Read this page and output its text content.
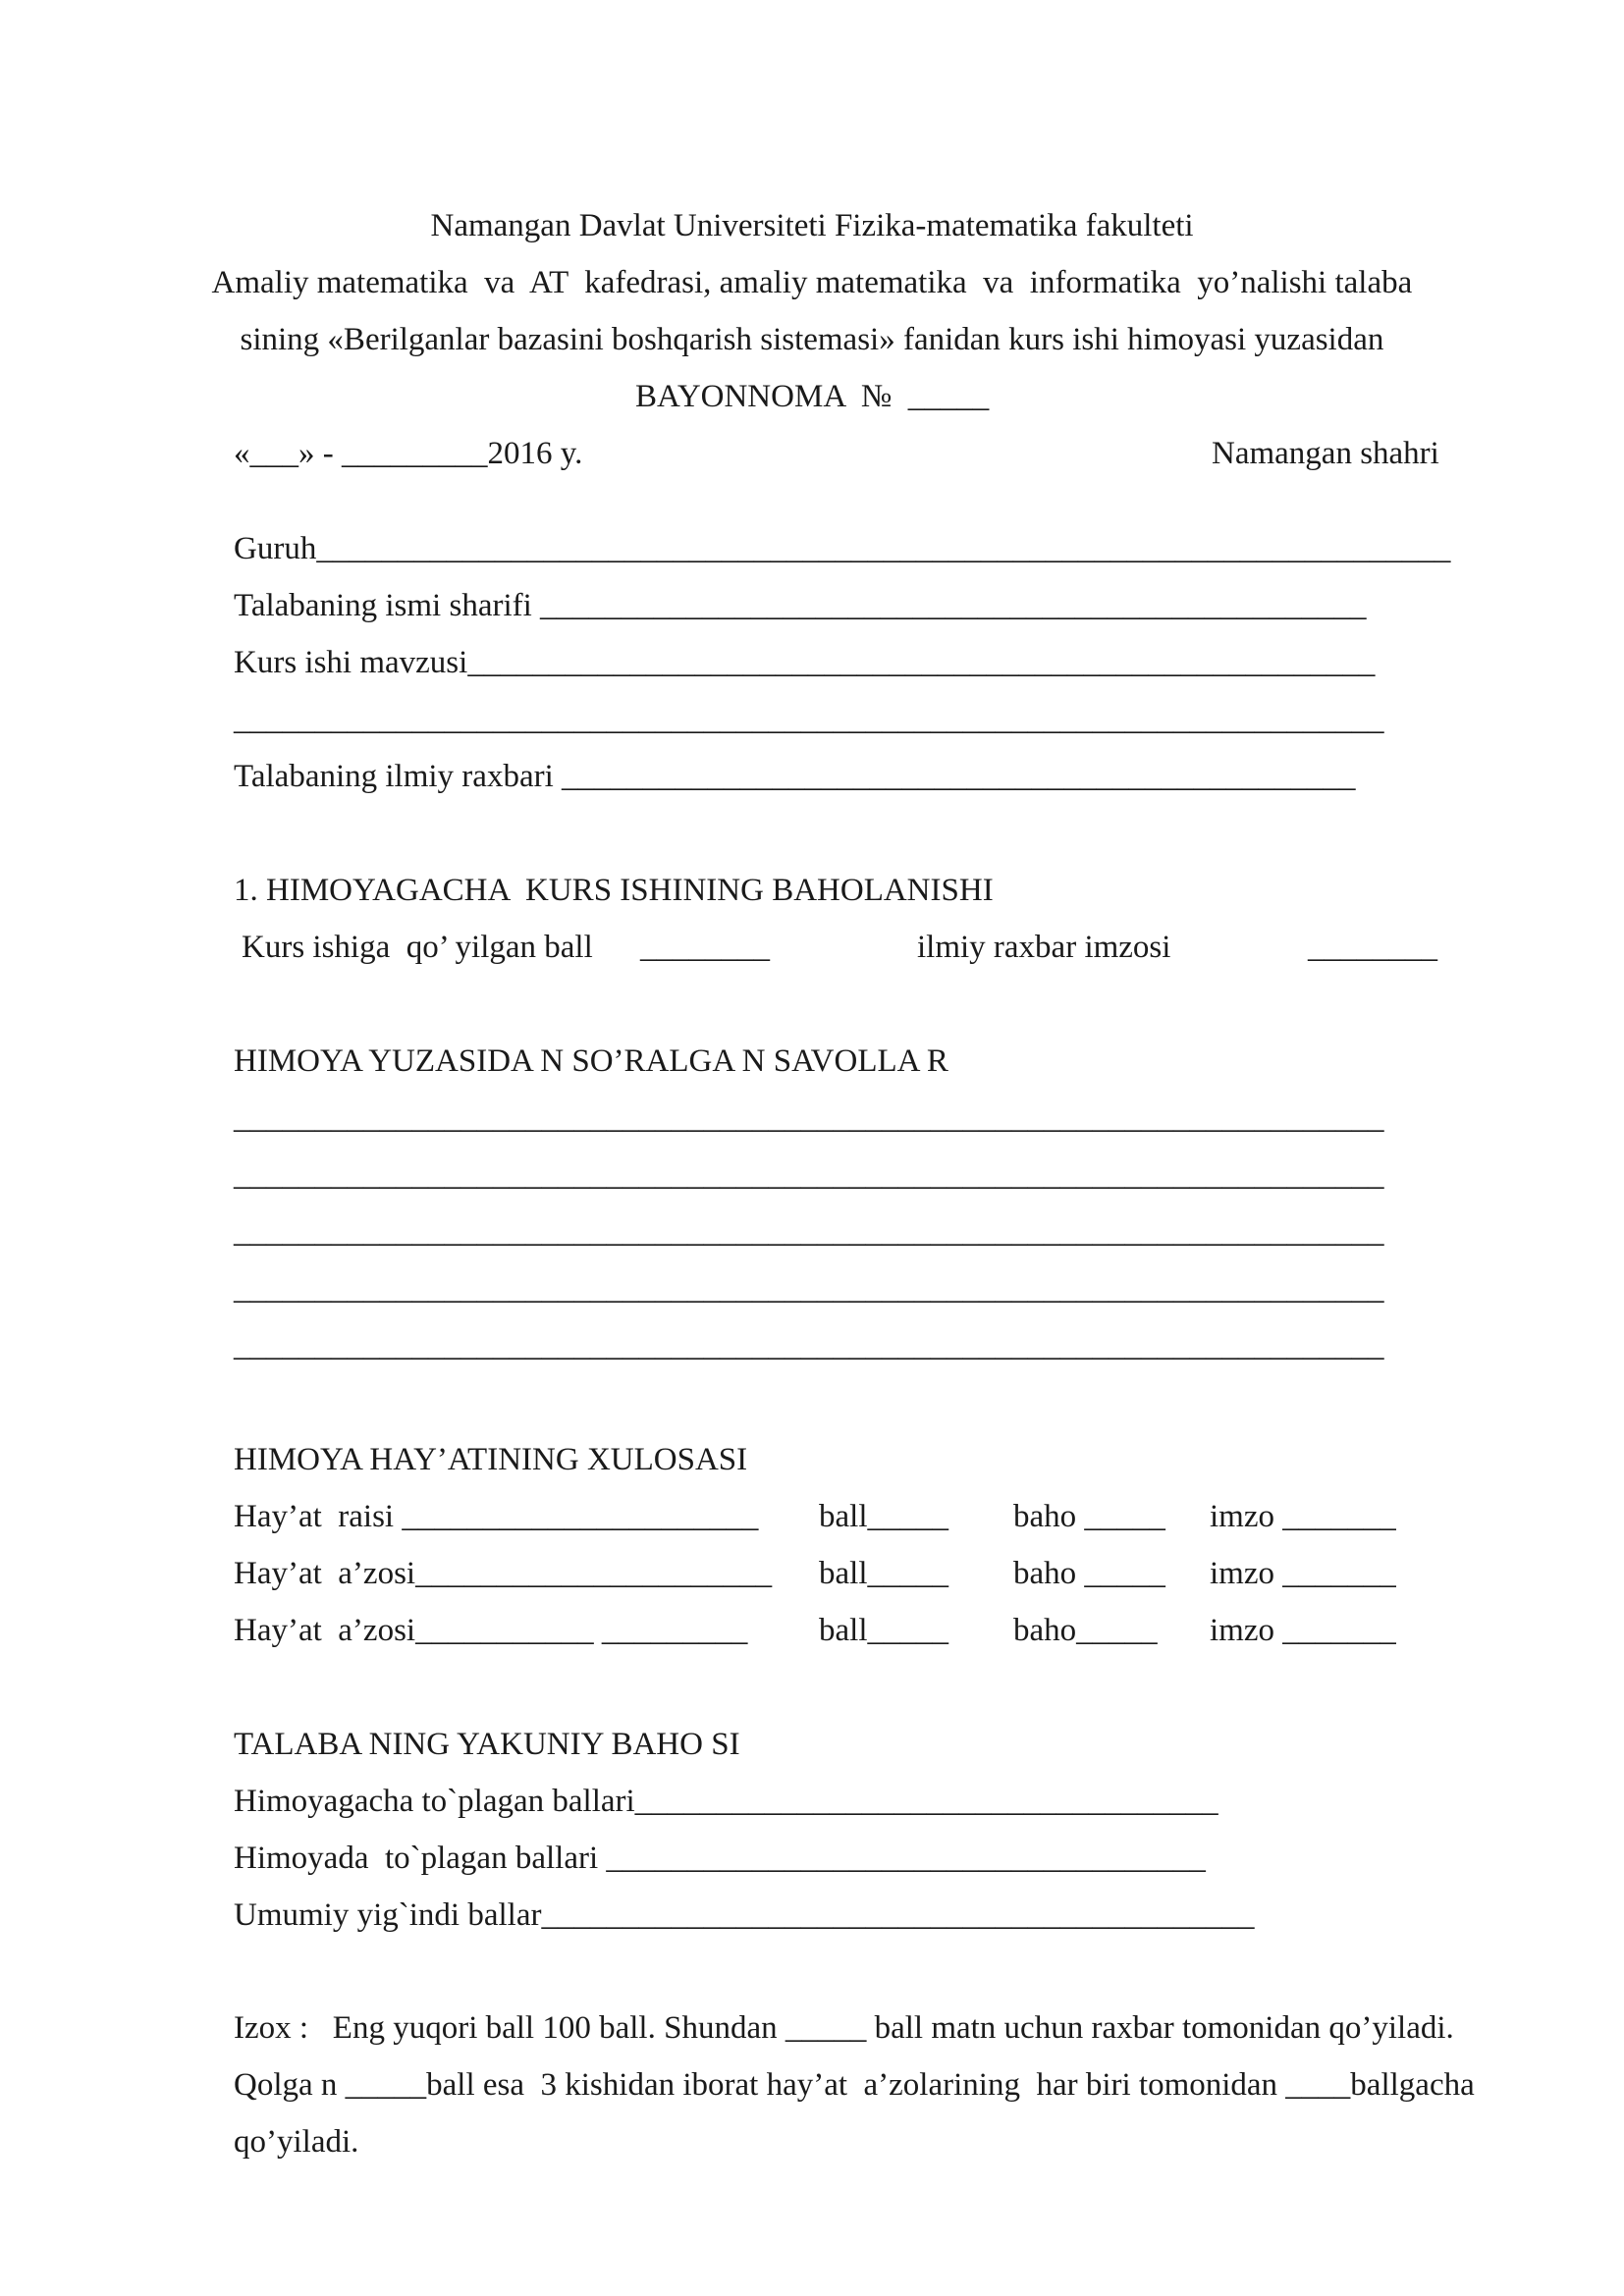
Namangan Davlat Universiteti Fizika-matematika fakulteti
Amaliy matematika  va  AT  kafedrasi, amaliy matematika  va  informatika  yo’nalishi talaba
sining «Berilganlar bazasini boshqarish sistemasi» fanidan kurs ishi himoyasi yuzasidan
BAYONNOMA  №  _____
«___» - _________2016 y.	Namangan shahri
Guruh______________________________________________________________________
Talabaning ismi sharifi ___________________________________________________
Kurs ishi mavzusi________________________________________________________
_______________________________________________________________________
Talabaning ilmiy raxbari _________________________________________________
1. HIMOYAGACHA  KURS ISHINING BAHOLANISHI
Kurs ishiga  qo’ yilgan ball ________	ilmiy raxbar imzosi	________
HIMOYA YUZASIDA N SO’RALGA N SAVOLLA R
_______________________________________________________________________
_______________________________________________________________________
_______________________________________________________________________
_______________________________________________________________________
_______________________________________________________________________
HIMOYA HAY’ATINING XULOSASI
Hay’at  raisi ______________________ ball_____ baho _____ imzo _______
Hay’at  a’zosi______________________ ball_____ baho _____ imzo _______
Hay’at  a’zosi___________ _________ ball_____ baho_____ imzo _______
TALABA NING YAKUNIY BAHO SI
Himoyagacha to`plagan ballari____________________________________
Himoyada  to`plagan ballari _____________________________________
Umumiy yig`indi ballar____________________________________________
Izox :   Eng yuqori ball 100 ball. Shundan _____ ball matn uchun raxbar tomonidan qo’yiladi.
Qolga n _____ball esa  3 kishidan iborat hay’at  a’zolarining  har biri tomonidan ____ballgacha
qo’yiladi.
